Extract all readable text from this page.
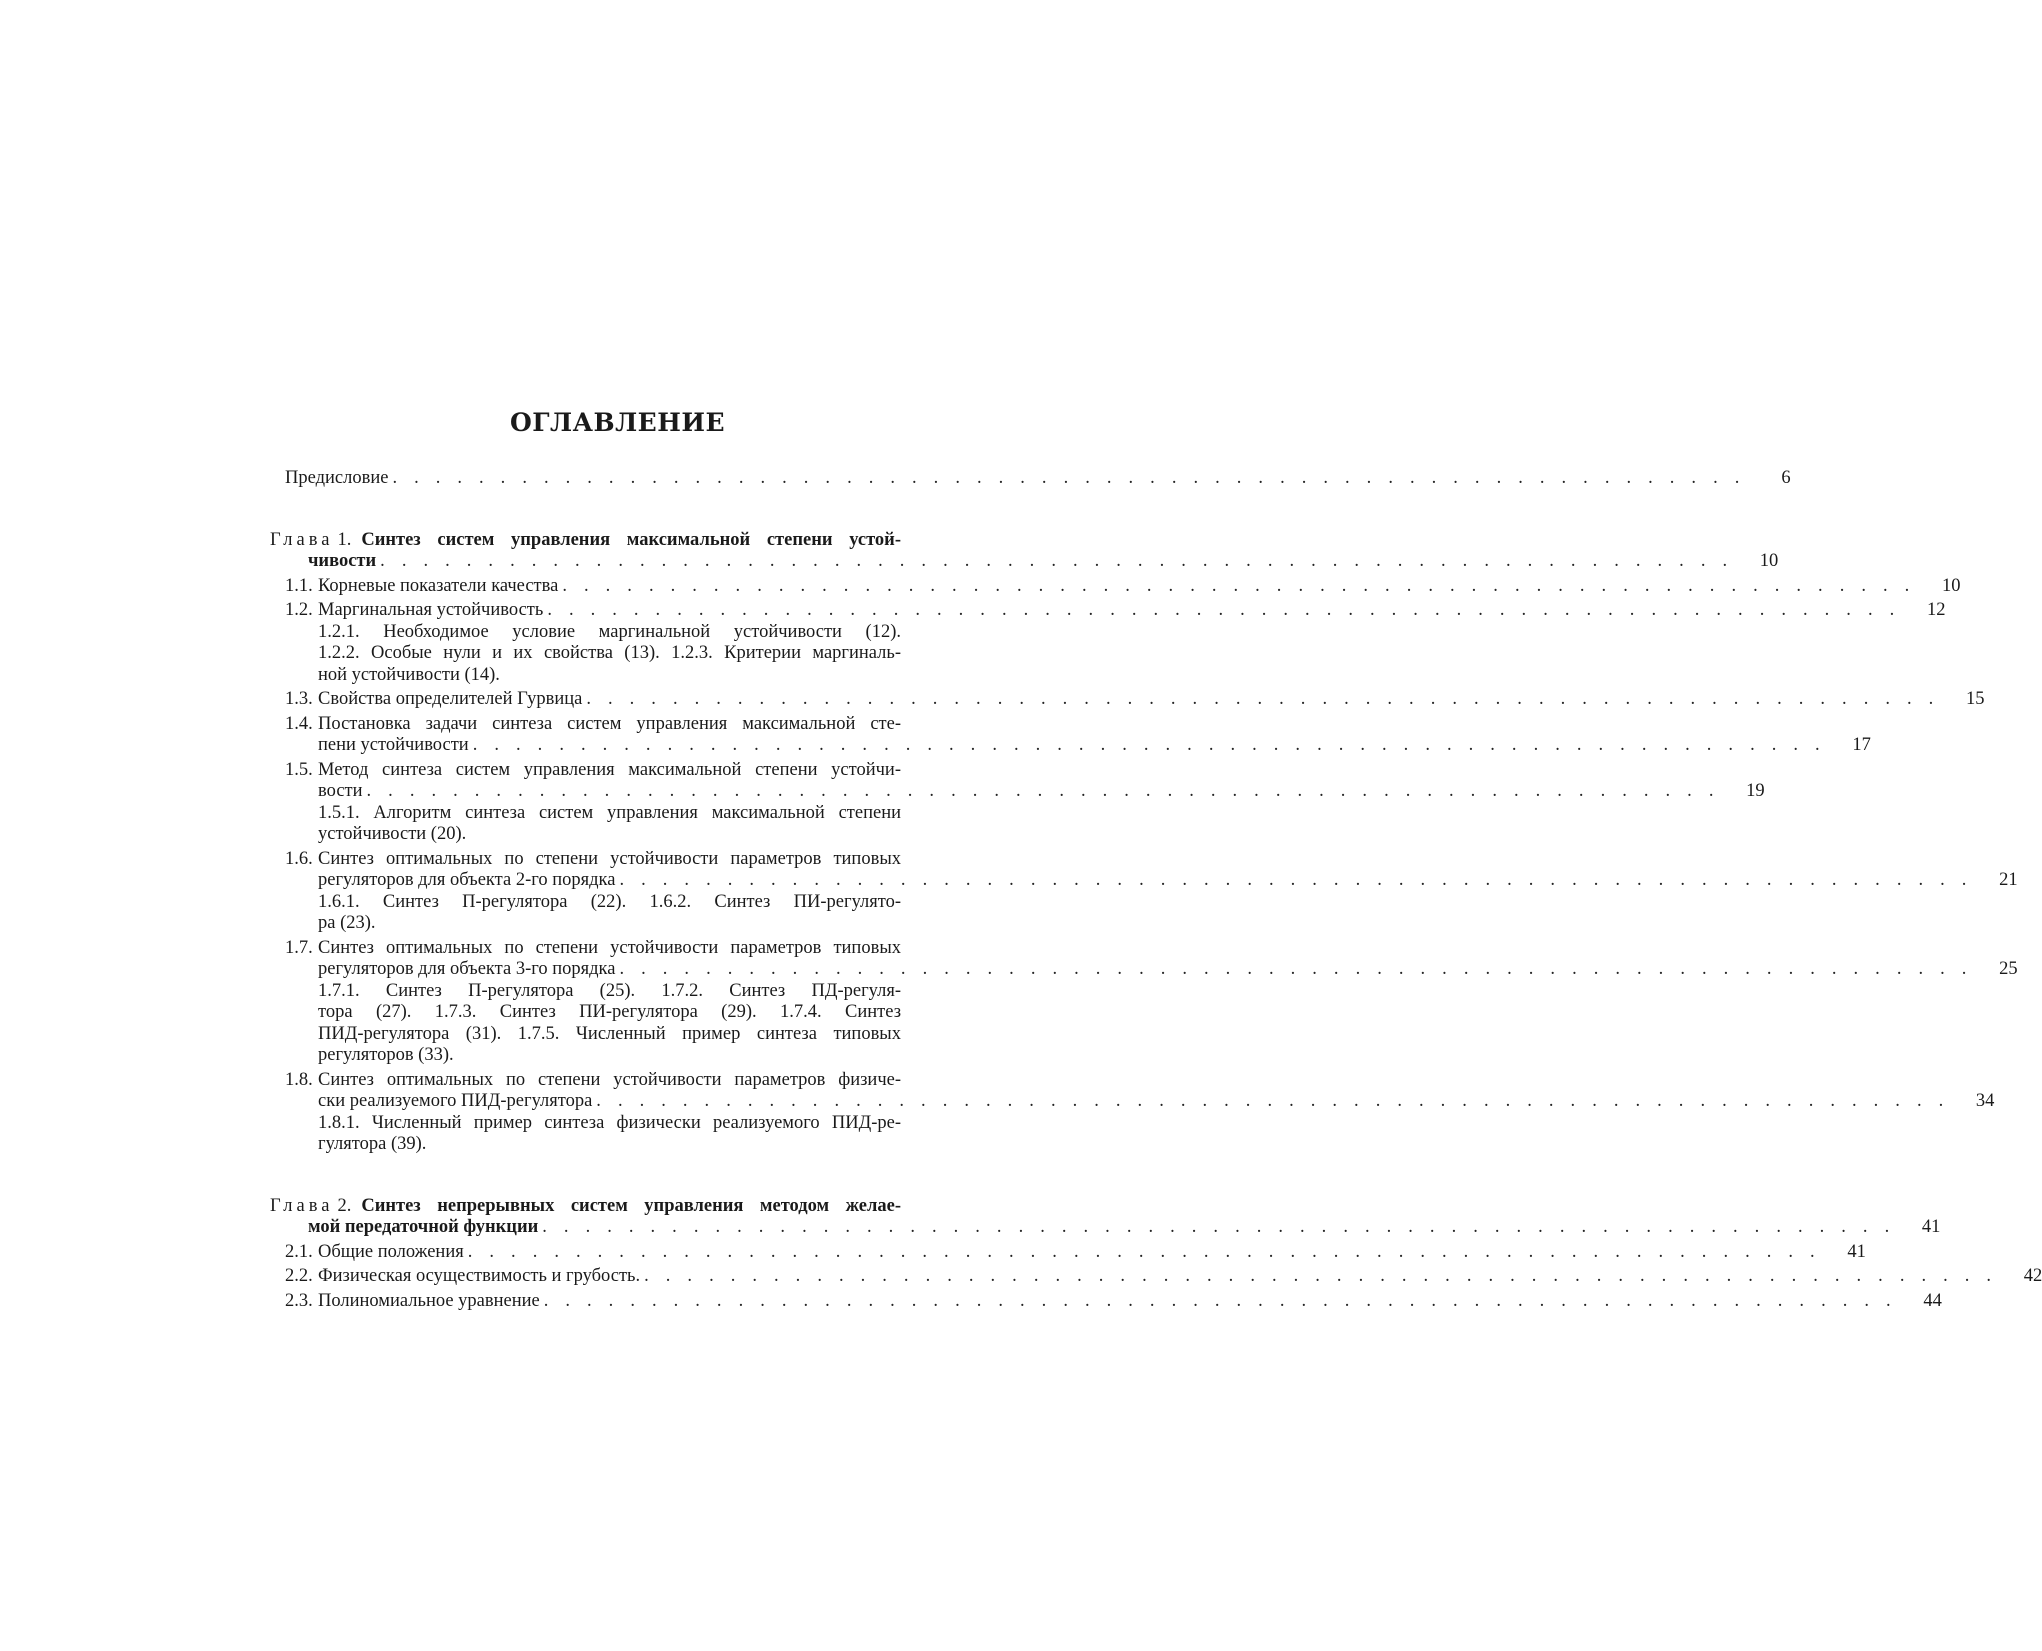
ОГЛАВЛЕНИЕ
Предисловие . . . . . . . . . . . . . . . . . . . . . . . . . . . . . . . . . . . . . . . . . . . . . . . . . . . . . . . . . . . . . . .	6
Глава 1. Синтез систем управления максимальной степени устой-
чивости . . . . . . . . . . . . . . . . . . . . . . . . . . . . . . . . . . . . . . . . . . . . . . . . . . . . . . . . . . . . . . .	10
1.1. Корневые показатели качества . . . . . . . . . . . . . . . . . . . . . . . . . . . . . . . . . . . . . . . . . . . . . . . . . . . . . . . . . . . . . . .	10
1.2. Маргинальная устойчивость . . . . . . . . . . . . . . . . . . . . . . . . . . . . . . . . . . . . . . . . . . . . . . . . . . . . . . . . . . . . . . .	12
1.2.1. Необходимое условие маргинальной устойчивости (12).
1.2.2. Особые нули и их свойства (13). 1.2.3. Критерии маргиналь-
ной устойчивости (14).
1.3. Свойства определителей Гурвица . . . . . . . . . . . . . . . . . . . . . . . . . . . . . . . . . . . . . . . . . . . . . . . . . . . . . . . . . . . . . . .	15
1.4. Постановка задачи синтеза систем управления максимальной сте-
пени устойчивости . . . . . . . . . . . . . . . . . . . . . . . . . . . . . . . . . . . . . . . . . . . . . . . . . . . . . . . . . . . . . . .	17
1.5. Метод синтеза систем управления максимальной степени устойчи-
вости . . . . . . . . . . . . . . . . . . . . . . . . . . . . . . . . . . . . . . . . . . . . . . . . . . . . . . . . . . . . . . .	19
1.5.1. Алгоритм синтеза систем управления максимальной степени
устойчивости (20).
1.6. Синтез оптимальных по степени устойчивости параметров типовых
регуляторов для объекта 2-го порядка . . . . . . . . . . . . . . . . . . . . . . . . . . . . . . . . . . . . . . . . . . . . . . . . . . . . . . . . . . . . . . .	21
1.6.1. Синтез П-регулятора (22). 1.6.2. Синтез ПИ-регулято-
ра (23).
1.7. Синтез оптимальных по степени устойчивости параметров типовых
регуляторов для объекта 3-го порядка . . . . . . . . . . . . . . . . . . . . . . . . . . . . . . . . . . . . . . . . . . . . . . . . . . . . . . . . . . . . . . .	25
1.7.1. Синтез П-регулятора (25). 1.7.2. Синтез ПД-регуля-
тора (27). 1.7.3. Синтез ПИ-регулятора (29). 1.7.4. Синтез
ПИД-регулятора (31). 1.7.5. Численный пример синтеза типовых
регуляторов (33).
1.8. Синтез оптимальных по степени устойчивости параметров физиче-
ски реализуемого ПИД-регулятора . . . . . . . . . . . . . . . . . . . . . . . . . . . . . . . . . . . . . . . . . . . . . . . . . . . . . . . . . . . . . . .	34
1.8.1. Численный пример синтеза физически реализуемого ПИД-ре-
гулятора (39).
Глава 2. Синтез непрерывных систем управления методом желае-
мой передаточной функции . . . . . . . . . . . . . . . . . . . . . . . . . . . . . . . . . . . . . . . . . . . . . . . . . . . . . . . . . . . . . . .	41
2.1. Общие положения . . . . . . . . . . . . . . . . . . . . . . . . . . . . . . . . . . . . . . . . . . . . . . . . . . . . . . . . . . . . . . .	41
2.2. Физическая осуществимость и грубость. . . . . . . . . . . . . . . . . . . . . . . . . . . . . . . . . . . . . . . . . . . . . . . . . . . . . . . . . . . . . . . .	42
2.3. Полиномиальное уравнение . . . . . . . . . . . . . . . . . . . . . . . . . . . . . . . . . . . . . . . . . . . . . . . . . . . . . . . . . . . . . . .	44
